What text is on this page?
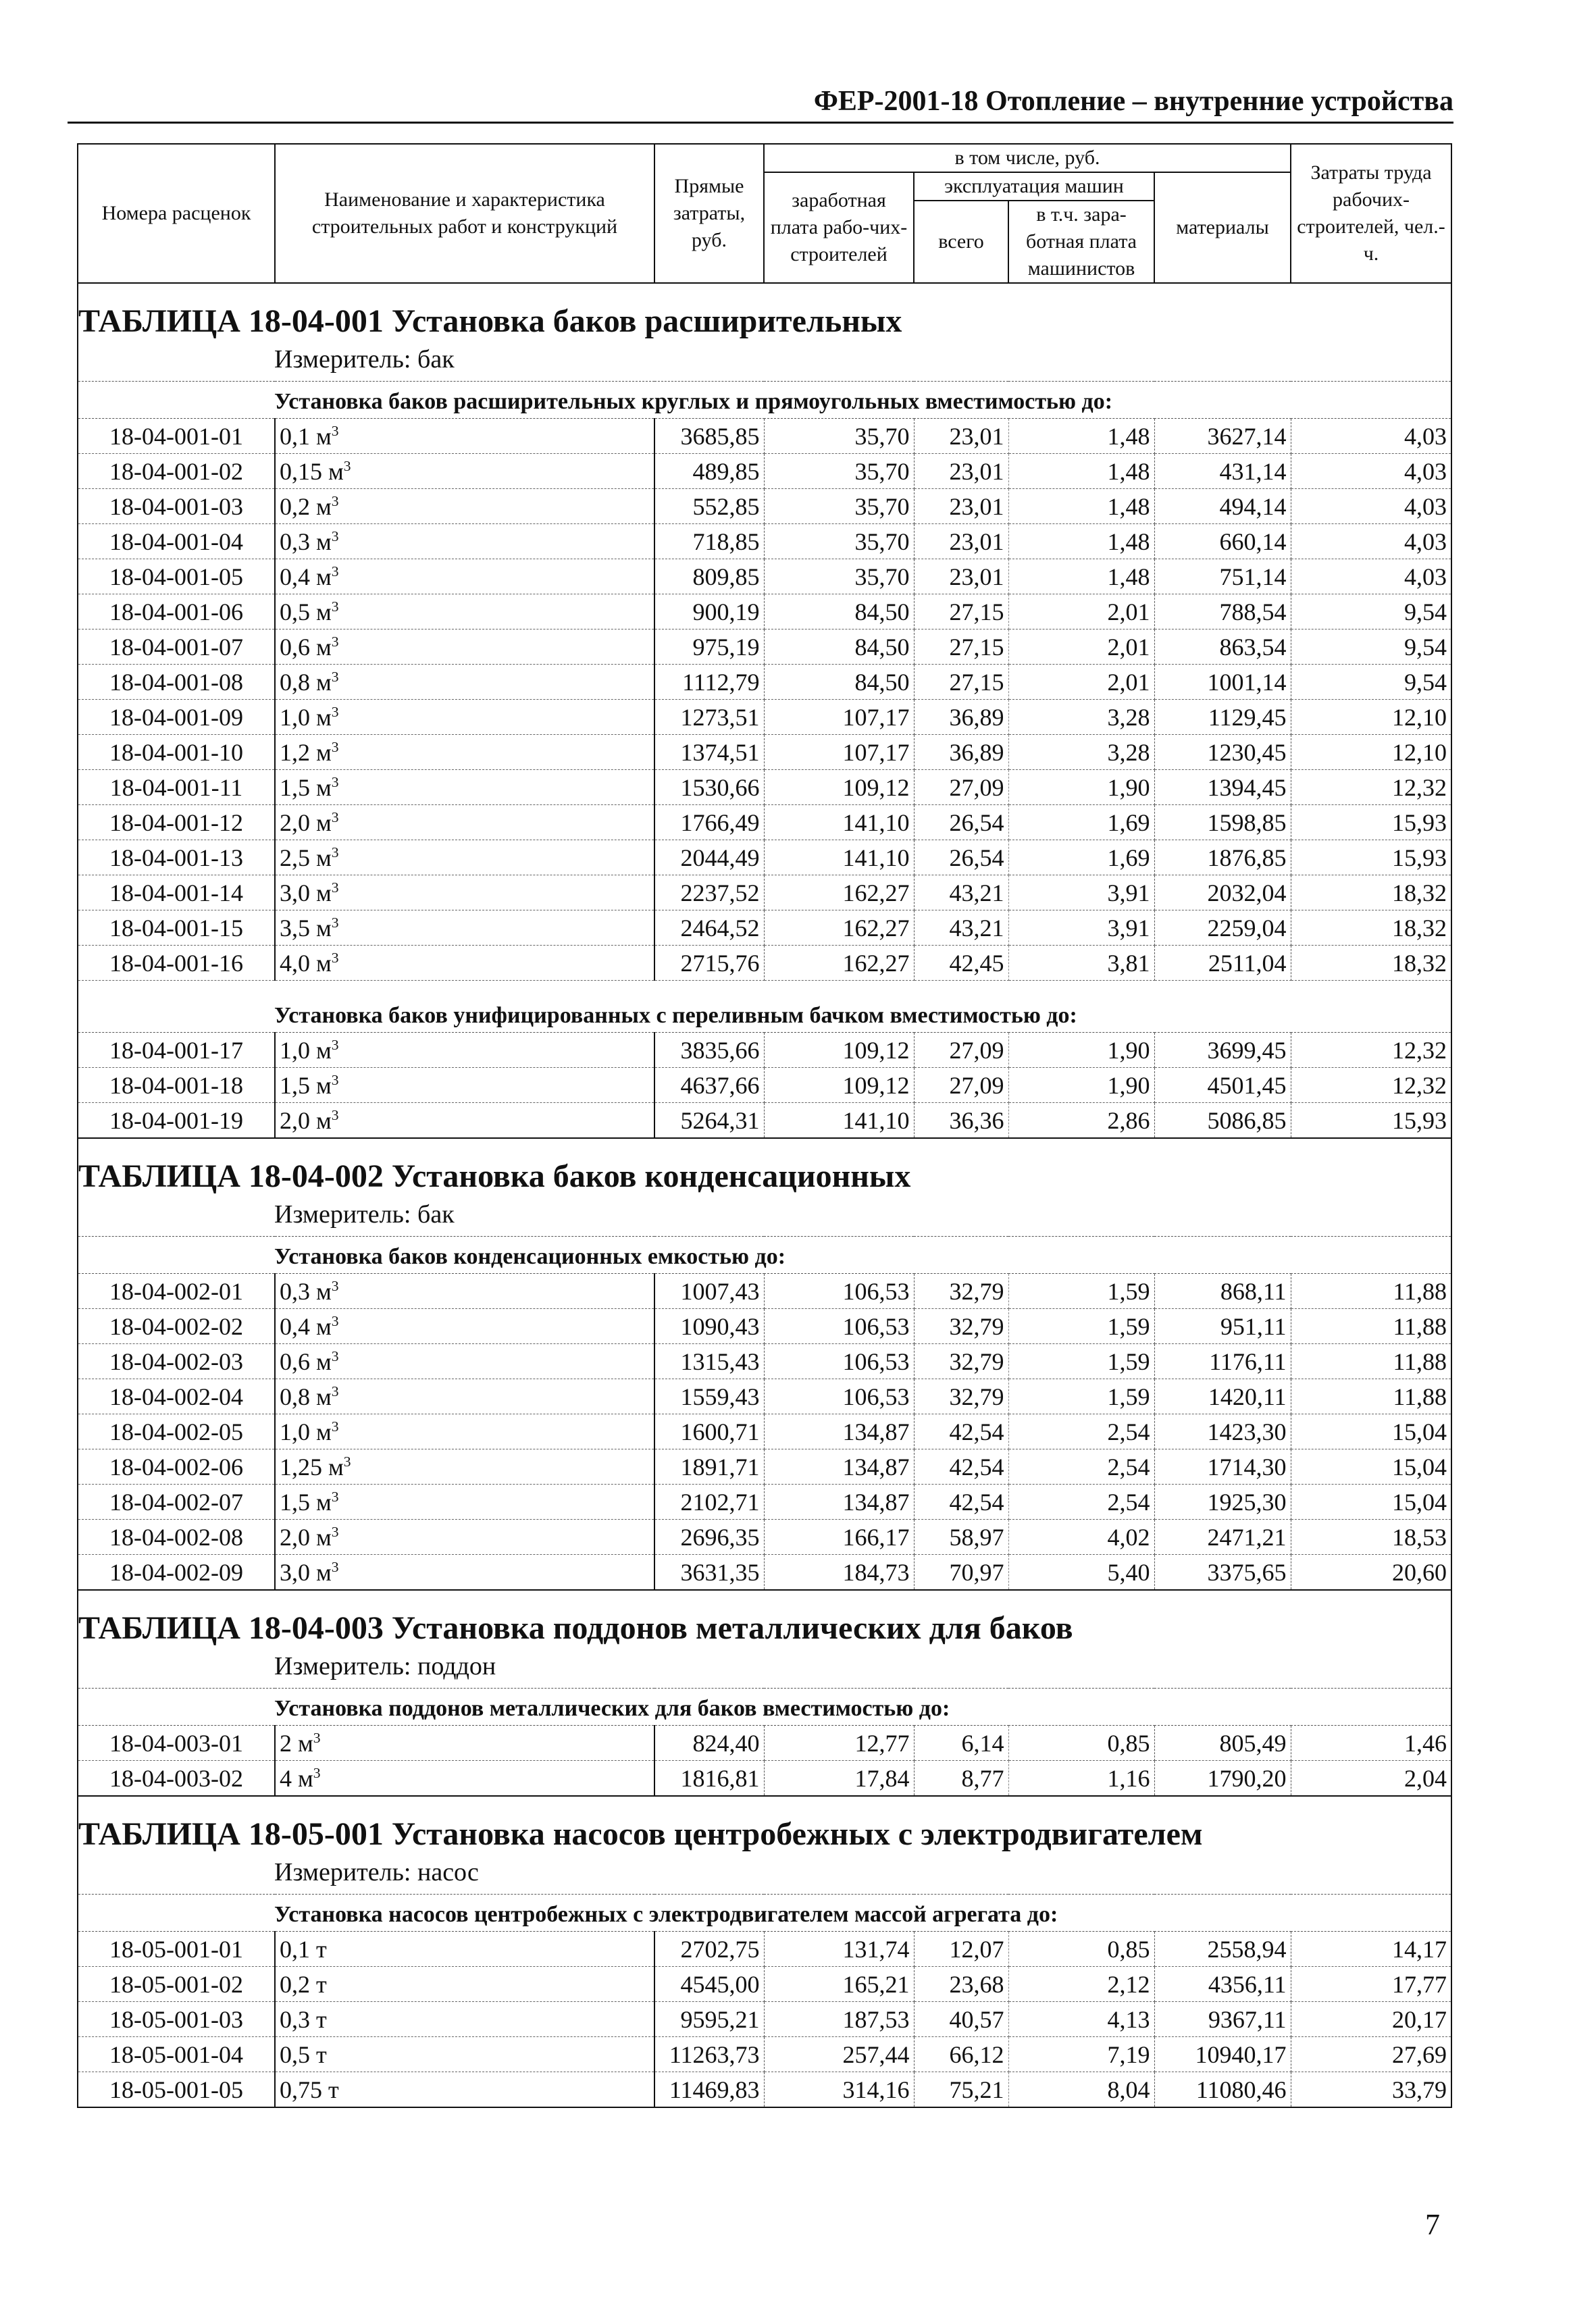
ФЕР-2001-18 Отопление – внутренние устройства
Номера расценок	Наименование и характеристика строительных работ и конструкций	Прямые затраты, руб.	в том числе, руб.				Затраты труда рабочих-строителей, чел.-ч.
			заработная плата рабо-чих-строителей	эксплуатация машин		материалы	
				всего	в т.ч. зара-ботная плата машинистов		
ТАБЛИЦА 18-04-001 Установка баков расширительных							
Измеритель: бак							
Установка баков расширительных круглых и прямоугольных вместимостью до:							
18-04-001-01	0,1 $м^3$	3685,85	35,70	23,01	1,48	3627,14	4,03
18-04-001-02	0,15 $м^3$	489,85	35,70	23,01	1,48	431,14	4,03
18-04-001-03	0,2 $м^3$	552,85	35,70	23,01	1,48	494,14	4,03
18-04-001-04	0,3 $м^3$	718,85	35,70	23,01	1,48	660,14	4,03
18-04-001-05	0,4 $м^3$	809,85	35,70	23,01	1,48	751,14	4,03
18-04-001-06	0,5 $м^3$	900,19	84,50	27,15	2,01	788,54	9,54
18-04-001-07	0,6 $м^3$	975,19	84,50	27,15	2,01	863,54	9,54
18-04-001-08	0,8 $м^3$	1112,79	84,50	27,15	2,01	1001,14	9,54
18-04-001-09	1,0 $м^3$	1273,51	107,17	36,89	3,28	1129,45	12,10
18-04-001-10	1,2 $м^3$	1374,51	107,17	36,89	3,28	1230,45	12,10
18-04-001-11	1,5 $м^3$	1530,66	109,12	27,09	1,90	1394,45	12,32
18-04-001-12	2,0 $м^3$	1766,49	141,10	26,54	1,69	1598,85	15,93
18-04-001-13	2,5 $м^3$	2044,49	141,10	26,54	1,69	1876,85	15,93
18-04-001-14	3,0 $м^3$	2237,52	162,27	43,21	3,91	2032,04	18,32
18-04-001-15	3,5 $м^3$	2464,52	162,27	43,21	3,91	2259,04	18,32
18-04-001-16	4,0 $м^3$	2715,76	162,27	42,45	3,81	2511,04	18,32

Установка баков унифицированных с переливным бачком вместимостью до:							
18-04-001-17	1,0 $м^3$	3835,66	109,12	27,09	1,90	3699,45	12,32
18-04-001-18	1,5 $м^3$	4637,66	109,12	27,09	1,90	4501,45	12,32
18-04-001-19	2,0 $м^3$	5264,31	141,10	36,36	2,86	5086,85	15,93
ТАБЛИЦА 18-04-002 Установка баков конденсационных							
Измеритель: бак							
Установка баков конденсационных емкостью до:							
18-04-002-01	0,3 $м^3$	1007,43	106,53	32,79	1,59	868,11	11,88
18-04-002-02	0,4 $м^3$	1090,43	106,53	32,79	1,59	951,11	11,88
18-04-002-03	0,6 $м^3$	1315,43	106,53	32,79	1,59	1176,11	11,88
18-04-002-04	0,8 $м^3$	1559,43	106,53	32,79	1,59	1420,11	11,88
18-04-002-05	1,0 $м^3$	1600,71	134,87	42,54	2,54	1423,30	15,04
18-04-002-06	1,25 $м^3$	1891,71	134,87	42,54	2,54	1714,30	15,04
18-04-002-07	1,5 $м^3$	2102,71	134,87	42,54	2,54	1925,30	15,04
18-04-002-08	2,0 $м^3$	2696,35	166,17	58,97	4,02	2471,21	18,53
18-04-002-09	3,0 $м^3$	3631,35	184,73	70,97	5,40	3375,65	20,60
ТАБЛИЦА 18-04-003 Установка поддонов металлических для баков							
Измеритель: поддон							
Установка поддонов металлических для баков вместимостью до:							
18-04-003-01	2 $м^3$	824,40	12,77	6,14	0,85	805,49	1,46
18-04-003-02	4 $м^3$	1816,81	17,84	8,77	1,16	1790,20	2,04
ТАБЛИЦА 18-05-001 Установка насосов центробежных с электродвигателем							
Измеритель: насос							
Установка насосов центробежных с электродвигателем массой агрегата до:							
18-05-001-01	0,1 т	2702,75	131,74	12,07	0,85	2558,94	14,17
18-05-001-02	0,2 т	4545,00	165,21	23,68	2,12	4356,11	17,77
18-05-001-03	0,3 т	9595,21	187,53	40,57	4,13	9367,11	20,17
18-05-001-04	0,5 т	11263,73	257,44	66,12	7,19	10940,17	27,69
18-05-001-05	0,75 т	11469,83	314,16	75,21	8,04	11080,46	33,79
7
